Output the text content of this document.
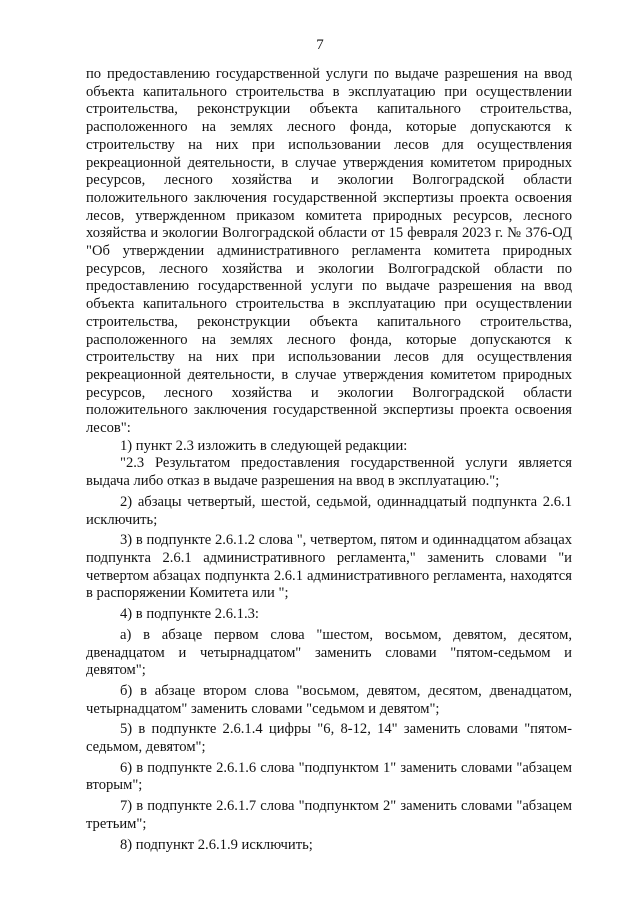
7

по предоставлению государственной услуги по выдаче разрешения на ввод объекта капитального строительства в эксплуатацию при осуществлении строительства, реконструкции объекта капитального строительства, расположенного на землях лесного фонда, которые допускаются к строительству на них при использовании лесов для осуществления рекреационной деятельности, в случае утверждения комитетом природных ресурсов, лесного хозяйства и экологии Волгоградской области положительного заключения государственной экспертизы проекта освоения лесов, утвержденном приказом комитета природных ресурсов, лесного хозяйства и экологии Волгоградской области от 15 февраля 2023 г. № 376-ОД "Об утверждении административного регламента комитета природных ресурсов, лесного хозяйства и экологии Волгоградской области по предоставлению государственной услуги по выдаче разрешения на ввод объекта капитального строительства в эксплуатацию при осуществлении строительства, реконструкции объекта капитального строительства, расположенного на землях лесного фонда, которые допускаются к строительству на них при использовании лесов для осуществления рекреационной деятельности, в случае утверждения комитетом природных ресурсов, лесного хозяйства и экологии Волгоградской области положительного заключения государственной экспертизы проекта освоения лесов":

1) пункт 2.3 изложить в следующей редакции:

"2.3 Результатом предоставления государственной услуги является выдача либо отказ в выдаче разрешения на ввод в эксплуатацию.";

2) абзацы четвертый, шестой, седьмой, одиннадцатый подпункта 2.6.1 исключить;

3) в подпункте 2.6.1.2 слова ", четвертом, пятом и одиннадцатом абзацах подпункта 2.6.1 административного регламента," заменить словами "и четвертом абзацах подпункта 2.6.1 административного регламента, находятся в распоряжении Комитета или ";

4) в подпункте 2.6.1.3:

а) в абзаце первом слова "шестом, восьмом, девятом, десятом, двенадцатом и четырнадцатом" заменить словами "пятом-седьмом и девятом";

б) в абзаце втором слова "восьмом, девятом, десятом, двенадцатом, четырнадцатом" заменить словами "седьмом и девятом";

5) в подпункте 2.6.1.4 цифры "6, 8-12, 14" заменить словами "пятом-седьмом, девятом";

6) в подпункте 2.6.1.6 слова "подпунктом 1" заменить словами "абзацем вторым";

7) в подпункте 2.6.1.7 слова "подпунктом 2" заменить словами "абзацем третьим";

8) подпункт 2.6.1.9 исключить;
